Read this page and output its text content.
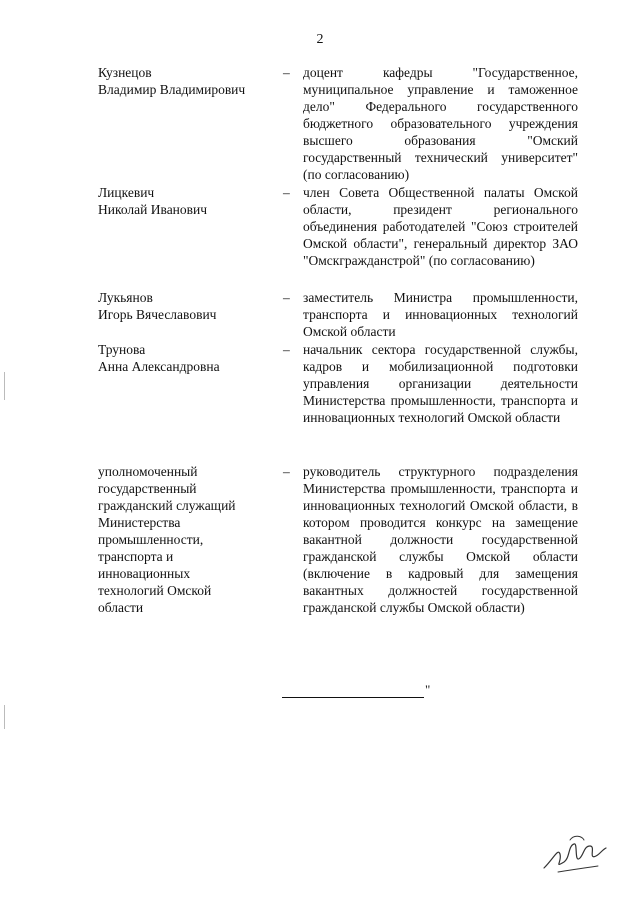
2
Кузнецов
Владимир Владимирович
– доцент кафедры "Государственное, муниципальное управление и таможенное дело" Федерального государственного бюджетного образовательного учреждения высшего образования "Омский государственный технический университет" (по согласованию)
Лицкевич
Николай Иванович
– член Совета Общественной палаты Омской области, президент регионального объединения работодателей "Союз строителей Омской области", генеральный директор ЗАО "Омскгражданстрой" (по согласованию)
Лукьянов
Игорь Вячеславович
– заместитель Министра промышленности, транспорта и инновационных технологий Омской области
Трунова
Анна Александровна
– начальник сектора государственной службы, кадров и мобилизационной подготовки управления организации деятельности Министерства промышленности, транспорта и инновационных технологий Омской области
уполномоченный
государственный
гражданский служащий
Министерства
промышленности,
транспорта и
инновационных
технологий Омской
области
– руководитель структурного подразделения Министерства промышленности, транспорта и инновационных технологий Омской области, в котором проводится конкурс на замещение вакантной должности государственной гражданской службы Омской области (включение в кадровый для замещения вакантных должностей государственной гражданской службы Омской области)
"
